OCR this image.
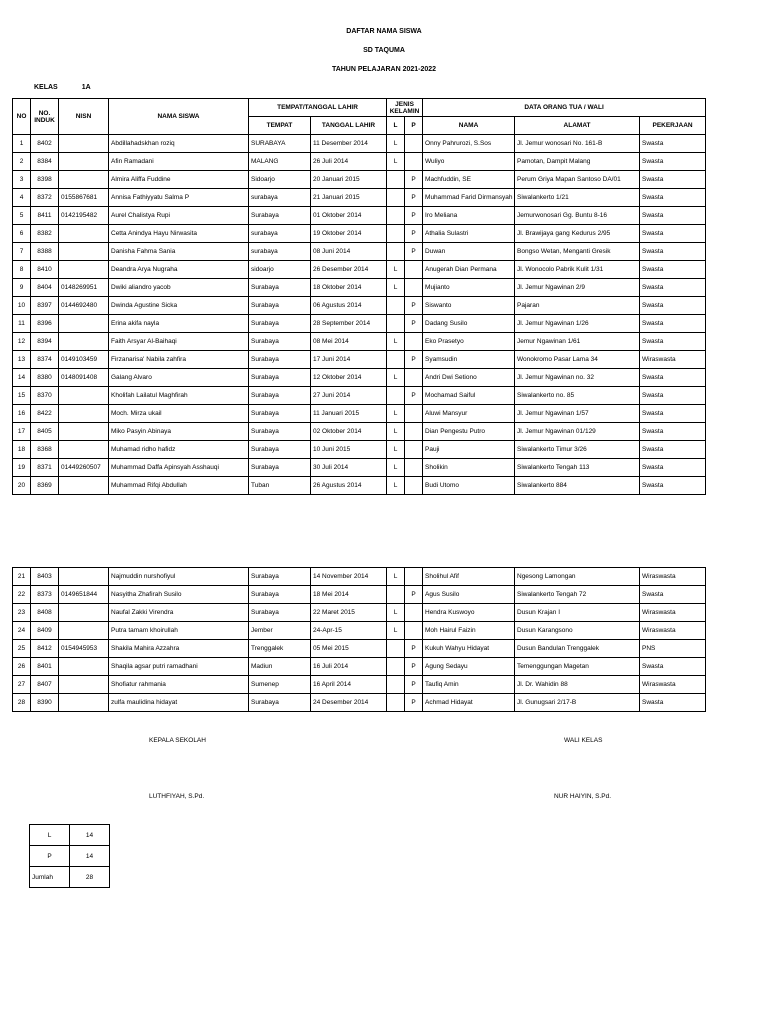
DAFTAR NAMA SISWA
SD TAQUMA
TAHUN PELAJARAN 2021-2022
KELAS	1A
NO	NO. INDUK	NISN	NAMA SISWA	TEMPAT/TANGGAL LAHIR		JENIS KELAMIN		DATA ORANG TUA / WALI		
				TEMPAT	TANGGAL LAHIR	L	P	NAMA	ALAMAT	PEKERJAAN
1	8402		Abdillahadskhan roziq	SURABAYA	11 Desember 2014	L		Onny Pahrurozi, S.Sos	Jl. Jemur wonosari No. 161-B	Swasta
2	8384		Afin Ramadani	MALANG	26 Juli 2014	L		Wuliyo	Pamotan, Dampit Malang	Swasta
3	8398		Almira Aliffa Fuddine	Sidoarjo	20 Januari 2015		P	Machfuddin, SE	Perum Griya Mapan Santoso DA/01	Swasta
4	8372	0155867681	Annisa Fathiyyatu Salma P	surabaya	21 Januari 2015		P	Muhammad Farid Dirmansyah	Siwalankerto 1/21	Swasta
5	8411	0142195482	Aurel Chalistya Rupi	Surabaya	01 Oktober 2014		P	Iro Meliana	Jemurwonosari Gg. Buntu 8-16	Swasta
6	8382		Cetta Anindya Hayu Nirwasita	surabaya	19 Oktober 2014		P	Athalia Sulastri	Jl. Brawijaya gang Kedurus 2/95	Swasta
7	8388		Danisha Fahma Sania	surabaya	08 Juni 2014		P	Duwan	Bongso Wetan, Menganti Gresik	Swasta
8	8410		Deandra Arya Nugraha	sidoarjo	26 Desember 2014	L		Anugerah Dian Permana	Jl. Wonocolo Pabrik Kulit 1/31	Swasta
9	8404	0148269951	Dwiki aliandro yacob	Surabaya	18 Oktober 2014	L		Mujianto	Jl. Jemur Ngawinan 2/9	Swasta
10	8397	0144692480	Dwinda Agustine Sicka	Surabaya	06 Agustus 2014		P	Siswanto	Pajaran	Swasta
11	8396		Erina akifa nayla	Surabaya	28 September 2014		P	Dadang Susilo	Jl. Jemur Ngawinan 1/26	Swasta
12	8394		Faith Arsyar Al-Baihaqi	Surabaya	08 Mei 2014	L		Eko Prasetyo	Jemur Ngawinan 1/61	Swasta
13	8374	0149103459	Firzanarisa' Nabila zahfira	Surabaya	17 Juni 2014		P	Syamsudin	Wonokromo Pasar Lama 34	Wiraswasta
14	8380	0148091408	Galang Alvaro	Surabaya	12 Oktober 2014	L		Andri Dwi Setiono	Jl. Jemur Ngawinan no. 32	Swasta
15	8370		Kholifah Lailatul Maghfirah	Surabaya	27 Juni 2014		P	Mochamad Saiful	Siwalankerto no. 85	Swasta
16	8422		Moch. Mirza ukail	Surabaya	11 Januari 2015	L		Aluwi Mansyur	Jl. Jemur Ngawinan 1/57	Swasta
17	8405		Miko Pasyin Abinaya	Surabaya	02 Oktober 2014	L		Dian Pengestu Putro	Jl. Jemur Ngawinan 01/129	Swasta
18	8368		Muhamad ridho hafidz	Surabaya	10 Juni 2015	L		Pauji	Siwalankerto Timur 3/26	Swasta
19	8371	01449260507	Muhammad Daffa Apinsyah Asshauqi	Surabaya	30 Juli 2014	L		Sholikin	Siwalankerto Tengah 113	Swasta
20	8369		Muhammad Rifqi Abdullah	Tuban	26 Agustus 2014	L		Budi Utomo	Siwalankerto 884	Swasta
21	8403		Najmuddin nurshofiyul	Surabaya	14 November 2014	L		Sholihul Afif	Ngesong Lamongan	Wiraswasta
22	8373	0149651844	Nasyitha Zhafirah Susilo	Surabaya	18 Mei 2014		P	Agus Susilo	Siwalankerto Tengah 72	Swasta
23	8408		Naufal Zakki Virendra	Surabaya	22 Maret 2015	L		Hendra Kuswoyo	Dusun Krajan I	Wiraswasta
24	8409		Putra tamam khoirullah	Jember	24-Apr-15	L		Moh Hairul Faizin	Dusun Karangsono	Wiraswasta
25	8412	0154945953	Shakila Mahira Azzahra	Trenggalek	05 Mei 2015		P	Kukuh Wahyu Hidayat	Dusun Bandulan Trenggalek	PNS
26	8401		Shaqila agsar putri ramadhani	Madiun	16 Juli 2014		P	Agung Sedayu	Temenggungan Magetan	Swasta
27	8407		Shofiatur rahmania	Sumenep	16 April 2014		P	Taufiq Amin	Jl. Dr. Wahidin 88	Wiraswasta
28	8390		zulfa maulidina hidayat	Surabaya	24 Desember 2014		P	Achmad Hidayat	Jl. Gunugsari 2/17-B	Swasta
KEPALA SEKOLAH
LUTHFIYAH, S.Pd.
WALI KELAS
NUR HAIYIN, S.Pd.
L	14
P	14
Jumlah	28
